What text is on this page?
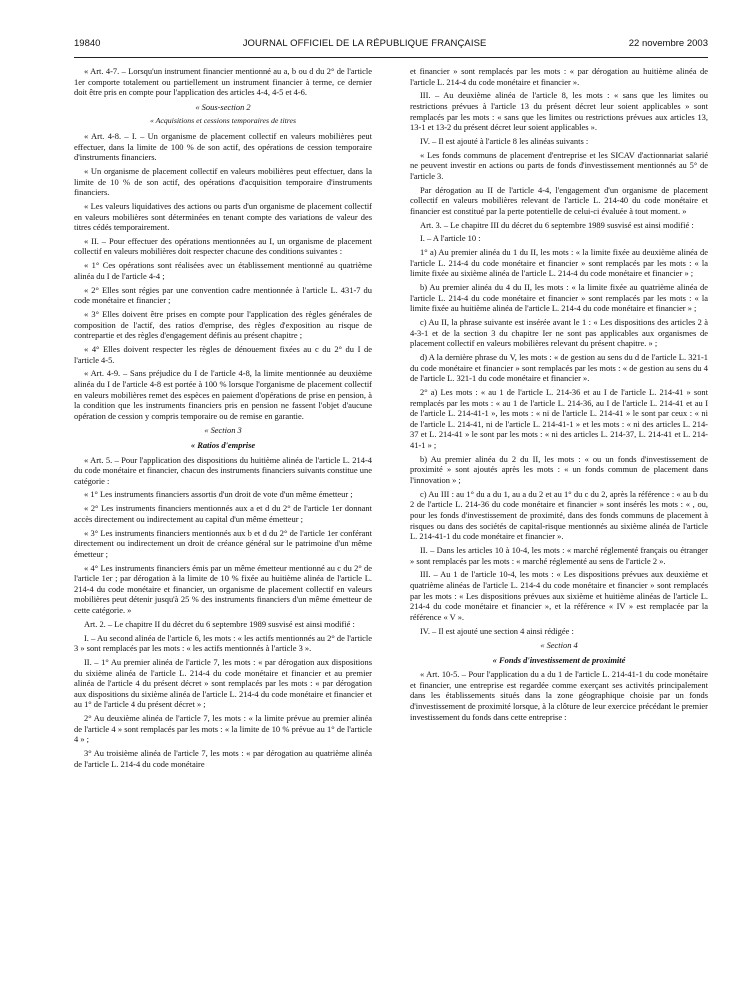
19840	JOURNAL OFFICIEL DE LA RÉPUBLIQUE FRANÇAISE	22 novembre 2003

« Art. 4-7. – Lorsqu'un instrument financier mentionné au a, b ou d du 2° de l'article 1er comporte totalement ou partiellement un instrument financier à terme, ce dernier doit être pris en compte pour l'application des articles 4-4, 4-5 et 4-6.

« Sous-section 2

« Acquisitions et cessions temporaires de titres

« Art. 4-8. – I. – Un organisme de placement collectif en valeurs mobilières peut effectuer, dans la limite de 100 % de son actif, des opérations de cession temporaire d'instruments financiers.

« Un organisme de placement collectif en valeurs mobilières peut effectuer, dans la limite de 10 % de son actif, des opérations d'acquisition temporaire d'instruments financiers.

« Les valeurs liquidatives des actions ou parts d'un organisme de placement collectif en valeurs mobilières sont déterminées en tenant compte des variations de valeur des titres cédés temporairement.

« II. – Pour effectuer des opérations mentionnées au I, un organisme de placement collectif en valeurs mobilières doit respecter chacune des conditions suivantes :

« 1° Ces opérations sont réalisées avec un établissement mentionné au quatrième alinéa du I de l'article 4-4 ;

« 2° Elles sont régies par une convention cadre mentionnée à l'article L. 431-7 du code monétaire et financier ;

« 3° Elles doivent être prises en compte pour l'application des règles générales de composition de l'actif, des ratios d'emprise, des règles d'exposition au risque de contrepartie et des règles d'engagement définis au présent chapitre ;

« 4° Elles doivent respecter les règles de dénouement fixées au c du 2° du I de l'article 4-5.

« Art. 4-9. – Sans préjudice du I de l'article 4-8, la limite mentionnée au deuxième alinéa du I de l'article 4-8 est portée à 100 % lorsque l'organisme de placement collectif en valeurs mobilières remet des espèces en paiement d'opérations de prise en pension, à la condition que les instruments financiers pris en pension ne fassent l'objet d'aucune opération de cession y compris temporaire ou de remise en garantie.

« Section 3

« Ratios d'emprise

« Art. 5. – Pour l'application des dispositions du huitième alinéa de l'article L. 214-4 du code monétaire et financier, chacun des instruments financiers suivants constitue une catégorie :

« 1° Les instruments financiers assortis d'un droit de vote d'un même émetteur ;

« 2° Les instruments financiers mentionnés aux a et d du 2° de l'article 1er donnant accès directement ou indirectement au capital d'un même émetteur ;

« 3° Les instruments financiers mentionnés aux b et d du 2° de l'article 1er conférant directement ou indirectement un droit de créance général sur le patrimoine d'un même émetteur ;

« 4° Les instruments financiers émis par un même émetteur mentionné au c du 2° de l'article 1er ; par dérogation à la limite de 10 % fixée au huitième alinéa de l'article L. 214-4 du code monétaire et financier, un organisme de placement collectif en valeurs mobilières peut détenir jusqu'à 25 % des instruments financiers d'un même émetteur de cette catégorie. »

Art. 2. – Le chapitre II du décret du 6 septembre 1989 susvisé est ainsi modifié :

I. – Au second alinéa de l'article 6, les mots : « les actifs mentionnés au 2° de l'article 3 » sont remplacés par les mots : « les actifs mentionnés à l'article 3 ».

II. – 1° Au premier alinéa de l'article 7, les mots : « par dérogation aux dispositions du sixième alinéa de l'article L. 214-4 du code monétaire et financier et au premier alinéa de l'article 4 du présent décret » sont remplacés par les mots : « par dérogation aux dispositions du sixième alinéa de l'article L. 214-4 du code monétaire et financier et au 1° de l'article 4 du présent décret » ;

2° Au deuxième alinéa de l'article 7, les mots : « la limite prévue au premier alinéa de l'article 4 » sont remplacés par les mots : « la limite de 10 % prévue au 1° de l'article 4 » ;

3° Au troisième alinéa de l'article 7, les mots : « par dérogation au quatrième alinéa de l'article L. 214-4 du code monétaire

et financier » sont remplacés par les mots : « par dérogation au huitième alinéa de l'article L. 214-4 du code monétaire et financier ».

III. – Au deuxième alinéa de l'article 8, les mots : « sans que les limites ou restrictions prévues à l'article 13 du présent décret leur soient applicables » sont remplacés par les mots : « sans que les limites ou restrictions prévues aux articles 13, 13-1 et 13-2 du présent décret leur soient applicables ».

IV. – Il est ajouté à l'article 8 les alinéas suivants :

« Les fonds communs de placement d'entreprise et les SICAV d'actionnariat salarié ne peuvent investir en actions ou parts de fonds d'investissement mentionnés au 5° de l'article 3.

Par dérogation au II de l'article 4-4, l'engagement d'un organisme de placement collectif en valeurs mobilières relevant de l'article L. 214-40 du code monétaire et financier est constitué par la perte potentielle de celui-ci évaluée à tout moment. »

Art. 3. – Le chapitre III du décret du 6 septembre 1989 susvisé est ainsi modifié :

I. – A l'article 10 :

1° a) Au premier alinéa du 1 du II, les mots : « la limite fixée au deuxième alinéa de l'article L. 214-4 du code monétaire et financier » sont remplacés par les mots : « la limite fixée au sixième alinéa de l'article L. 214-4 du code monétaire et financier » ;

b) Au premier alinéa du 4 du II, les mots : « la limite fixée au quatrième alinéa de l'article L. 214-4 du code monétaire et financier » sont remplacés par les mots : « la limite fixée au huitième alinéa de l'article L. 214-4 du code monétaire et financier » ;

c) Au II, la phrase suivante est insérée avant le 1 : « Les dispositions des articles 2 à 4-3-1 et de la section 3 du chapitre Ier ne sont pas applicables aux organismes de placement collectif en valeurs mobilières relevant du présent chapitre. » ;

d) A la dernière phrase du V, les mots : « de gestion au sens du d de l'article L. 321-1 du code monétaire et financier » sont remplacés par les mots : « de gestion au sens du 4 de l'article L. 321-1 du code monétaire et financier ».

2° a) Les mots : « au 1 de l'article L. 214-36 et au I de l'article L. 214-41 » sont remplacés par les mots : « au 1 de l'article L. 214-36, au I de l'article L. 214-41 et au I de l'article L. 214-41-1 », les mots : « ni de l'article L. 214-41 » le sont par ceux : « ni de l'article L. 214-41, ni de l'article L. 214-41-1 » et les mots : « ni des articles L. 214-37 et L. 214-41 » le sont par les mots : « ni des articles L. 214-37, L. 214-41 et L. 214-41-1 » ;

b) Au premier alinéa du 2 du II, les mots : « ou un fonds d'investissement de proximité » sont ajoutés après les mots : « un fonds commun de placement dans l'innovation » ;

c) Au III : au 1° du a du 1, au a du 2 et au 1° du c du 2, après la référence : « au b du 2 de l'article L. 214-36 du code monétaire et financier » sont insérés les mots : « , ou, pour les fonds d'investissement de proximité, dans des fonds communs de placement à risques ou dans des sociétés de capital-risque mentionnés au sixième alinéa de l'article L. 214-41-1 du code monétaire et financier ».

II. – Dans les articles 10 à 10-4, les mots : « marché réglementé français ou étranger » sont remplacés par les mots : « marché réglementé au sens de l'article 2 ».

III. – Au 1 de l'article 10-4, les mots : « Les dispositions prévues aux deuxième et quatrième alinéas de l'article L. 214-4 du code monétaire et financier » sont remplacés par les mots : « Les dispositions prévues aux sixième et huitième alinéas de l'article L. 214-4 du code monétaire et financier », et la référence « IV » est remplacée par la référence « V ».

IV. – Il est ajouté une section 4 ainsi rédigée :

« Section 4

« Fonds d'investissement de proximité

« Art. 10-5. – Pour l'application du a du 1 de l'article L. 214-41-1 du code monétaire et financier, une entreprise est regardée comme exerçant ses activités principalement dans les établissements situés dans la zone géographique choisie par un fonds d'investissement de proximité lorsque, à la clôture de leur exercice précédant le premier investissement du fonds dans cette entreprise :
